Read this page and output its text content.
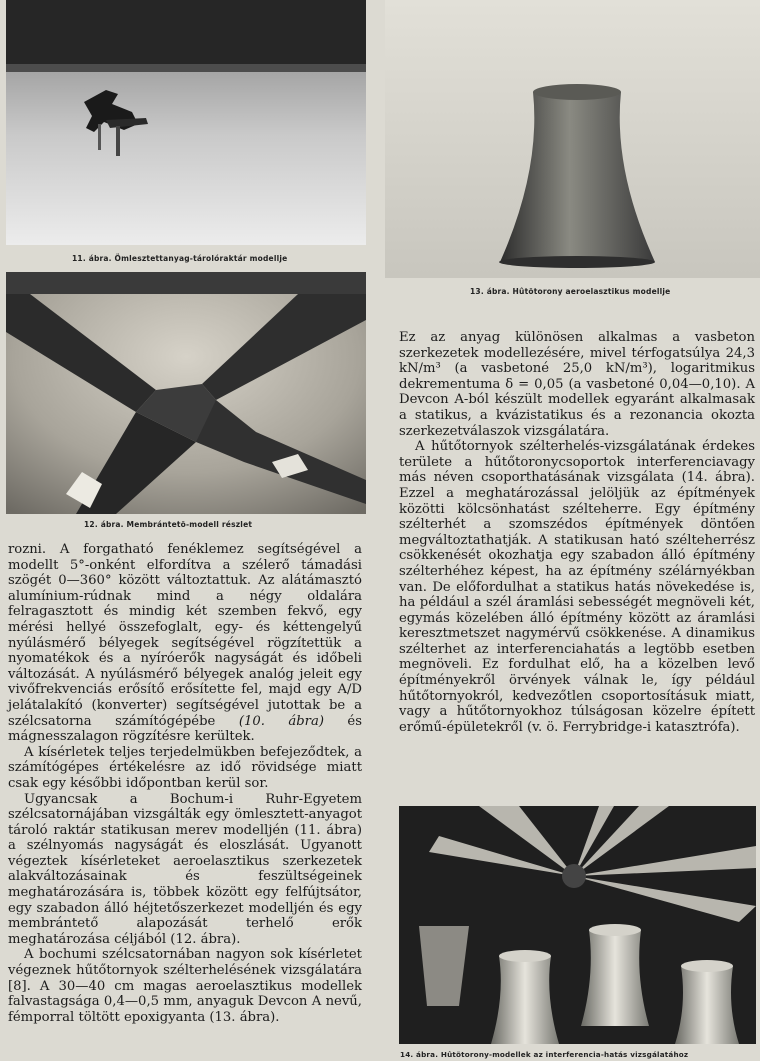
11. ábra. Ömlesztettanyag-tárolóraktár modellje
12. ábra. Membrántetõ-modell részlet
13. ábra. Hûtõtorony aeroelasztikus modellje

rozni. A forgatható fenéklemez segítségével a modellt 5°-onként elfordítva a szélerő támadási szögét 0—360° között változtattuk. Az alátámasztó alumínium-rúdnak mind a négy oldalára felragasztott és mindig két szemben fekvő, egy mérési hellyé összefoglalt, egy- és kéttengelyű nyúlásmérő bélyegek segítségével rögzítettük a nyomatékok és a nyíróerők nagyságát és időbeli változását. A nyúlásmérő bélyegek analóg jeleit egy vivőfrekvenciás erősítő erősítette fel, majd egy A/D jelátalakító (konverter) segítségével jutottak be a szélcsatorna számítógépébe (10. ábra) és mágnesszalagon rögzítésre kerültek.

A kísérletek teljes terjedelmükben befejeződtek, a számítógépes értékelésre az idő rövidsége miatt csak egy későbbi időpontban kerül sor.

Ugyancsak a Bochum-i Ruhr-Egyetem szélcsatornájában vizsgálták egy ömlesztett-anyagot tároló raktár statikusan merev modelljén (11. ábra) a szélnyomás nagyságát és eloszlását. Ugyanott végeztek kísérleteket aeroelasztikus szerkezetek alakváltozásainak és feszültségeinek meghatározására is, többek között egy felfújtsátor, egy szabadon álló héjtetőszerkezet modelljén és egy membrántető alapozását terhelő erők meghatározása céljából (12. ábra).

A bochumi szélcsatornában nagyon sok kísérletet végeznek hűtőtornyok szélterhelésének vizsgálatára [8]. A 30—40 cm magas aeroelasztikus modellek falvastagsága 0,4—0,5 mm, anyaguk Devcon A nevű, fémporral töltött epoxigyanta (13. ábra).

Ez az anyag különösen alkalmas a vasbeton szerkezetek modellezésére, mivel térfogatsúlya 24,3 kN/m³ (a vasbetoné 25,0 kN/m³), logaritmikus dekrementuma δ = 0,05 (a vasbetoné 0,04—0,10). A Devcon A-ból készült modellek egyaránt alkalmasak a statikus, a kvázistatikus és a rezonancia okozta szerkezetválaszok vizsgálatára.

A hűtőtornyok szélterhelés-vizsgálatának érdekes területe a hűtőtoronycsoportok interferenciavagy más néven csoporthatásának vizsgálata (14. ábra). Ezzel a meghatározással jelöljük az építmények közötti kölcsönhatást szélteherre. Egy építmény szélterhét a szomszédos építmények döntően megváltoztathatják. A statikusan ható szélteherrész csökkenését okozhatja egy szabadon álló építmény szélterhéhez képest, ha az építmény szélárnyékban van. De előfordulhat a statikus hatás növekedése is, ha például a szél áramlási sebességét megnöveli két, egymás közelében álló építmény között az áramlási keresztmetszet nagymérvű csökkenése. A dinamikus szélterhet az interferenciahatás a legtöbb esetben megnöveli. Ez fordulhat elő, ha a közelben levő építményekről örvények válnak le, így például hűtőtornyokról, kedvezőtlen csoportosításuk miatt, vagy a hűtőtornyokhoz túlságosan közelre épített erőmű-épületekről (v. ö. Ferrybridge-i katasztrófa).

14. ábra. Hûtõtorony-modellek az interferencia-hatás vizsgálatához
